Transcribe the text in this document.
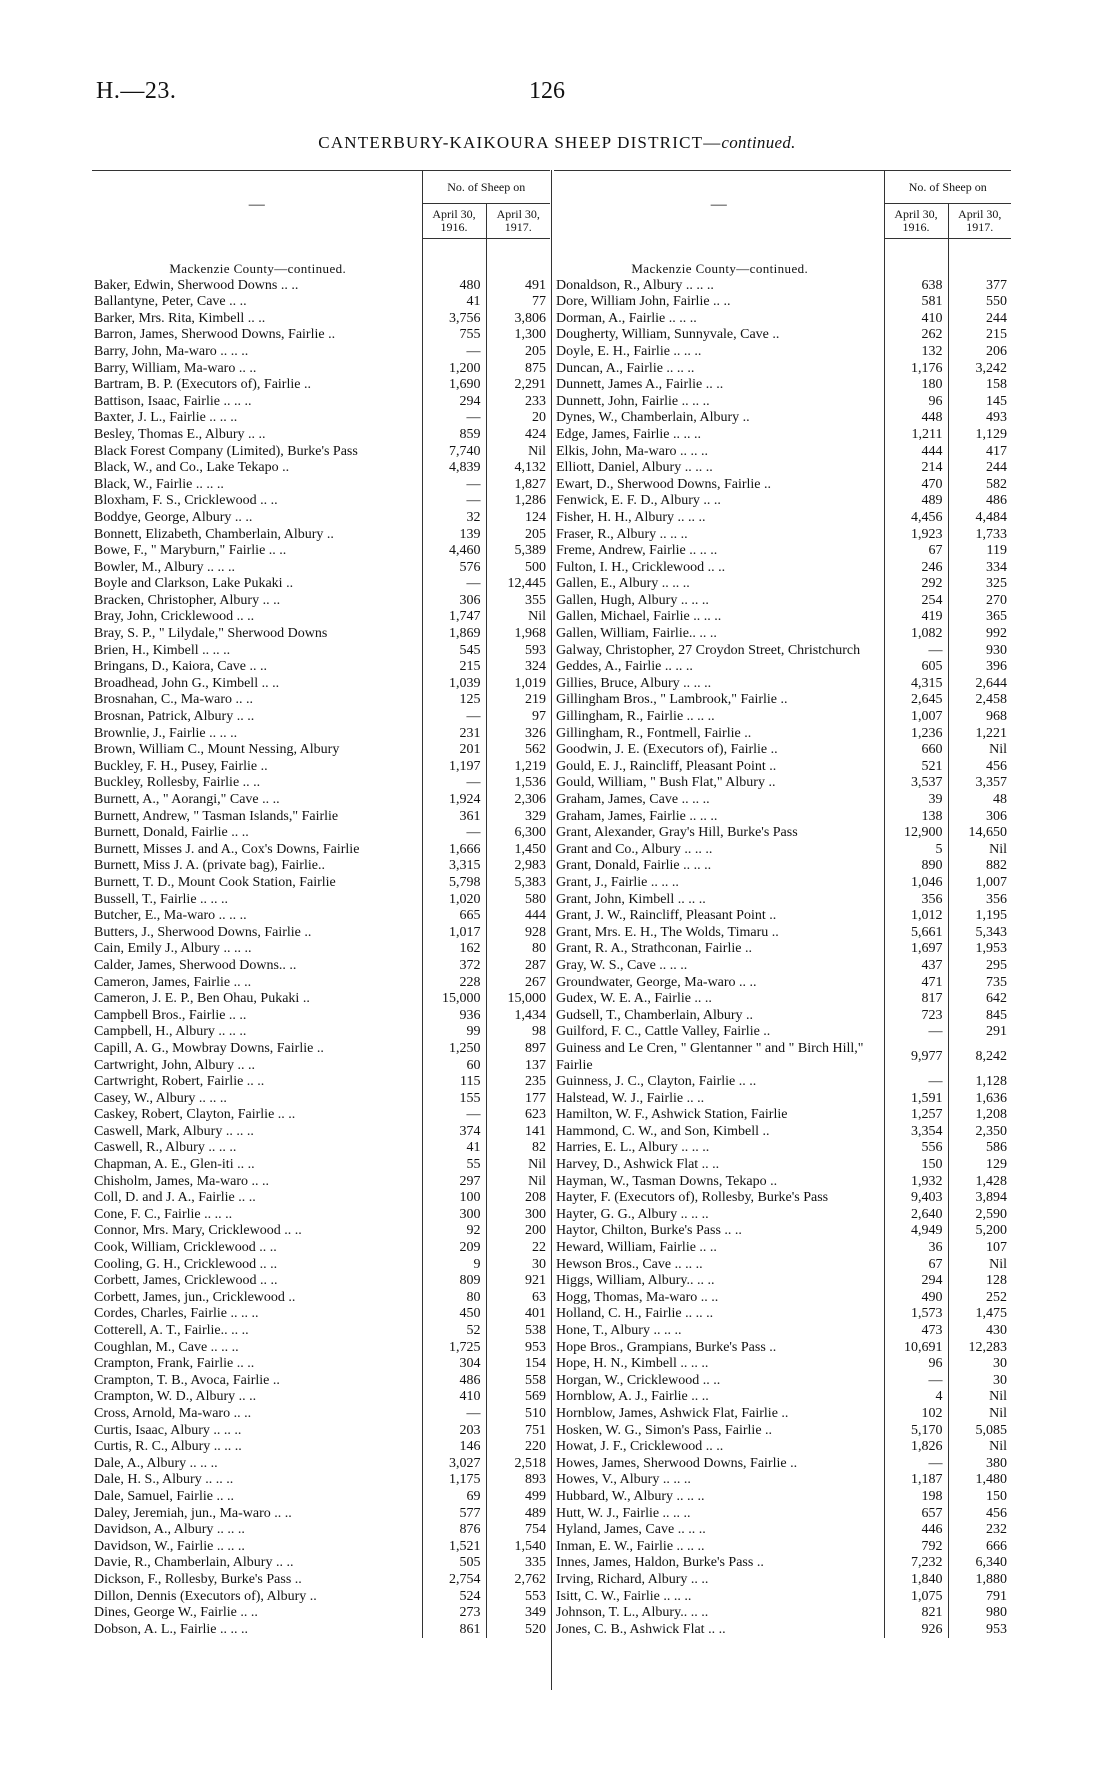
H.—23.	126
CANTERBURY-KAIKOURA SHEEP DISTRICT—continued.
—	No. of Sheep on	
	April 30, 1916.	April 30, 1917.

Mackenzie County—continued.		
Baker, Edwin, Sherwood Downs .. ..	480	491
Ballantyne, Peter, Cave .. ..	41	77
Barker, Mrs. Rita, Kimbell .. ..	3,756	3,806
Barron, James, Sherwood Downs, Fairlie ..	755	1,300
Barry, John, Ma-waro .. .. ..	—	205
Barry, William, Ma-waro .. ..	1,200	875
Bartram, B. P. (Executors of), Fairlie ..	1,690	2,291
Battison, Isaac, Fairlie .. .. ..	294	233
Baxter, J. L., Fairlie .. .. ..	—	20
Besley, Thomas E., Albury .. ..	859	424
Black Forest Company (Limited), Burke's Pass	7,740	Nil
Black, W., and Co., Lake Tekapo ..	4,839	4,132
Black, W., Fairlie .. .. ..	—	1,827
Bloxham, F. S., Cricklewood .. ..	—	1,286
Boddye, George, Albury .. ..	32	124
Bonnett, Elizabeth, Chamberlain, Albury ..	139	205
Bowe, F., " Maryburn," Fairlie .. ..	4,460	5,389
Bowler, M., Albury .. .. ..	576	500
Boyle and Clarkson, Lake Pukaki ..	—	12,445
Bracken, Christopher, Albury .. ..	306	355
Bray, John, Cricklewood .. ..	1,747	Nil
Bray, S. P., " Lilydale," Sherwood Downs	1,869	1,968
Brien, H., Kimbell .. .. ..	545	593
Bringans, D., Kaiora, Cave .. ..	215	324
Broadhead, John G., Kimbell .. ..	1,039	1,019
Brosnahan, C., Ma-waro .. ..	125	219
Brosnan, Patrick, Albury .. ..	—	97
Brownlie, J., Fairlie .. .. ..	231	326
Brown, William C., Mount Nessing, Albury	201	562
Buckley, F. H., Pusey, Fairlie ..	1,197	1,219
Buckley, Rollesby, Fairlie .. ..	—	1,536
Burnett, A., " Aorangi," Cave .. ..	1,924	2,306
Burnett, Andrew, " Tasman Islands," Fairlie	361	329
Burnett, Donald, Fairlie .. ..	—	6,300
Burnett, Misses J. and A., Cox's Downs, Fairlie	1,666	1,450
Burnett, Miss J. A. (private bag), Fairlie..	3,315	2,983
Burnett, T. D., Mount Cook Station, Fairlie	5,798	5,383
Bussell, T., Fairlie .. .. ..	1,020	580
Butcher, E., Ma-waro .. .. ..	665	444
Butters, J., Sherwood Downs, Fairlie ..	1,017	928
Cain, Emily J., Albury .. .. ..	162	80
Calder, James, Sherwood Downs.. ..	372	287
Cameron, James, Fairlie .. ..	228	267
Cameron, J. E. P., Ben Ohau, Pukaki ..	15,000	15,000
Campbell Bros., Fairlie .. ..	936	1,434
Campbell, H., Albury .. .. ..	99	98
Capill, A. G., Mowbray Downs, Fairlie ..	1,250	897
Cartwright, John, Albury .. ..	60	137
Cartwright, Robert, Fairlie .. ..	115	235
Casey, W., Albury .. .. ..	155	177
Caskey, Robert, Clayton, Fairlie .. ..	—	623
Caswell, Mark, Albury .. .. ..	374	141
Caswell, R., Albury .. .. ..	41	82
Chapman, A. E., Glen-iti .. ..	55	Nil
Chisholm, James, Ma-waro .. ..	297	Nil
Coll, D. and J. A., Fairlie .. ..	100	208
Cone, F. C., Fairlie .. .. ..	300	300
Connor, Mrs. Mary, Cricklewood .. ..	92	200
Cook, William, Cricklewood .. ..	209	22
Cooling, G. H., Cricklewood .. ..	9	30
Corbett, James, Cricklewood .. ..	809	921
Corbett, James, jun., Cricklewood ..	80	63
Cordes, Charles, Fairlie .. .. ..	450	401
Cotterell, A. T., Fairlie.. .. ..	52	538
Coughlan, M., Cave .. .. ..	1,725	953
Crampton, Frank, Fairlie .. ..	304	154
Crampton, T. B., Avoca, Fairlie ..	486	558
Crampton, W. D., Albury .. ..	410	569
Cross, Arnold, Ma-waro .. ..	—	510
Curtis, Isaac, Albury .. .. ..	203	751
Curtis, R. C., Albury .. .. ..	146	220
Dale, A., Albury .. .. ..	3,027	2,518
Dale, H. S., Albury .. .. ..	1,175	893
Dale, Samuel, Fairlie .. ..	69	499
Daley, Jeremiah, jun., Ma-waro .. ..	577	489
Davidson, A., Albury .. .. ..	876	754
Davidson, W., Fairlie .. .. ..	1,521	1,540
Davie, R., Chamberlain, Albury .. ..	505	335
Dickson, F., Rollesby, Burke's Pass ..	2,754	2,762
Dillon, Dennis (Executors of), Albury ..	524	553
Dines, George W., Fairlie .. ..	273	349
Dobson, A. L., Fairlie .. .. ..	861	520
—	No. of Sheep on	
	April 30, 1916.	April 30, 1917.

Mackenzie County—continued.		
Donaldson, R., Albury .. .. ..	638	377
Dore, William John, Fairlie .. ..	581	550
Dorman, A., Fairlie .. .. ..	410	244
Dougherty, William, Sunnyvale, Cave ..	262	215
Doyle, E. H., Fairlie .. .. ..	132	206
Duncan, A., Fairlie .. .. ..	1,176	3,242
Dunnett, James A., Fairlie .. ..	180	158
Dunnett, John, Fairlie .. .. ..	96	145
Dynes, W., Chamberlain, Albury ..	448	493
Edge, James, Fairlie .. .. ..	1,211	1,129
Elkis, John, Ma-waro .. .. ..	444	417
Elliott, Daniel, Albury .. .. ..	214	244
Ewart, D., Sherwood Downs, Fairlie ..	470	582
Fenwick, E. F. D., Albury .. ..	489	486
Fisher, H. H., Albury .. .. ..	4,456	4,484
Fraser, R., Albury .. .. ..	1,923	1,733
Freme, Andrew, Fairlie .. .. ..	67	119
Fulton, I. H., Cricklewood .. ..	246	334
Gallen, E., Albury .. .. ..	292	325
Gallen, Hugh, Albury .. .. ..	254	270
Gallen, Michael, Fairlie .. .. ..	419	365
Gallen, William, Fairlie.. .. ..	1,082	992
Galway, Christopher, 27 Croydon Street, Christchurch	—	930
Geddes, A., Fairlie .. .. ..	605	396
Gillies, Bruce, Albury .. .. ..	4,315	2,644
Gillingham Bros., " Lambrook," Fairlie ..	2,645	2,458
Gillingham, R., Fairlie .. .. ..	1,007	968
Gillingham, R., Fontmell, Fairlie ..	1,236	1,221
Goodwin, J. E. (Executors of), Fairlie ..	660	Nil
Gould, E. J., Raincliff, Pleasant Point ..	521	456
Gould, William, " Bush Flat," Albury ..	3,537	3,357
Graham, James, Cave .. .. ..	39	48
Graham, James, Fairlie .. .. ..	138	306
Grant, Alexander, Gray's Hill, Burke's Pass	12,900	14,650
Grant and Co., Albury .. .. ..	5	Nil
Grant, Donald, Fairlie .. .. ..	890	882
Grant, J., Fairlie .. .. ..	1,046	1,007
Grant, John, Kimbell .. .. ..	356	356
Grant, J. W., Raincliff, Pleasant Point ..	1,012	1,195
Grant, Mrs. E. H., The Wolds, Timaru ..	5,661	5,343
Grant, R. A., Strathconan, Fairlie ..	1,697	1,953
Gray, W. S., Cave .. .. ..	437	295
Groundwater, George, Ma-waro .. ..	471	735
Gudex, W. E. A., Fairlie .. ..	817	642
Gudsell, T., Chamberlain, Albury ..	723	845
Guilford, F. C., Cattle Valley, Fairlie ..	—	291
Guiness and Le Cren, " Glentanner " and " Birch Hill," Fairlie	9,977	8,242
Guinness, J. C., Clayton, Fairlie .. ..	—	1,128
Halstead, W. J., Fairlie .. ..	1,591	1,636
Hamilton, W. F., Ashwick Station, Fairlie	1,257	1,208
Hammond, C. W., and Son, Kimbell ..	3,354	2,350
Harries, E. L., Albury .. .. ..	556	586
Harvey, D., Ashwick Flat .. ..	150	129
Hayman, W., Tasman Downs, Tekapo ..	1,932	1,428
Hayter, F. (Executors of), Rollesby, Burke's Pass	9,403	3,894
Hayter, G. G., Albury .. .. ..	2,640	2,590
Haytor, Chilton, Burke's Pass .. ..	4,949	5,200
Heward, William, Fairlie .. ..	36	107
Hewson Bros., Cave .. .. ..	67	Nil
Higgs, William, Albury.. .. ..	294	128
Hogg, Thomas, Ma-waro .. ..	490	252
Holland, C. H., Fairlie .. .. ..	1,573	1,475
Hone, T., Albury .. .. ..	473	430
Hope Bros., Grampians, Burke's Pass ..	10,691	12,283
Hope, H. N., Kimbell .. .. ..	96	30
Horgan, W., Cricklewood .. ..	—	30
Hornblow, A. J., Fairlie .. ..	4	Nil
Hornblow, James, Ashwick Flat, Fairlie ..	102	Nil
Hosken, W. G., Simon's Pass, Fairlie ..	5,170	5,085
Howat, J. F., Cricklewood .. ..	1,826	Nil
Howes, James, Sherwood Downs, Fairlie ..	—	380
Howes, V., Albury .. .. ..	1,187	1,480
Hubbard, W., Albury .. .. ..	198	150
Hutt, W. J., Fairlie .. .. ..	657	456
Hyland, James, Cave .. .. ..	446	232
Inman, E. W., Fairlie .. .. ..	792	666
Innes, James, Haldon, Burke's Pass ..	7,232	6,340
Irving, Richard, Albury .. ..	1,840	1,880
Isitt, C. W., Fairlie .. .. ..	1,075	791
Johnson, T. L., Albury.. .. ..	821	980
Jones, C. B., Ashwick Flat .. ..	926	953
